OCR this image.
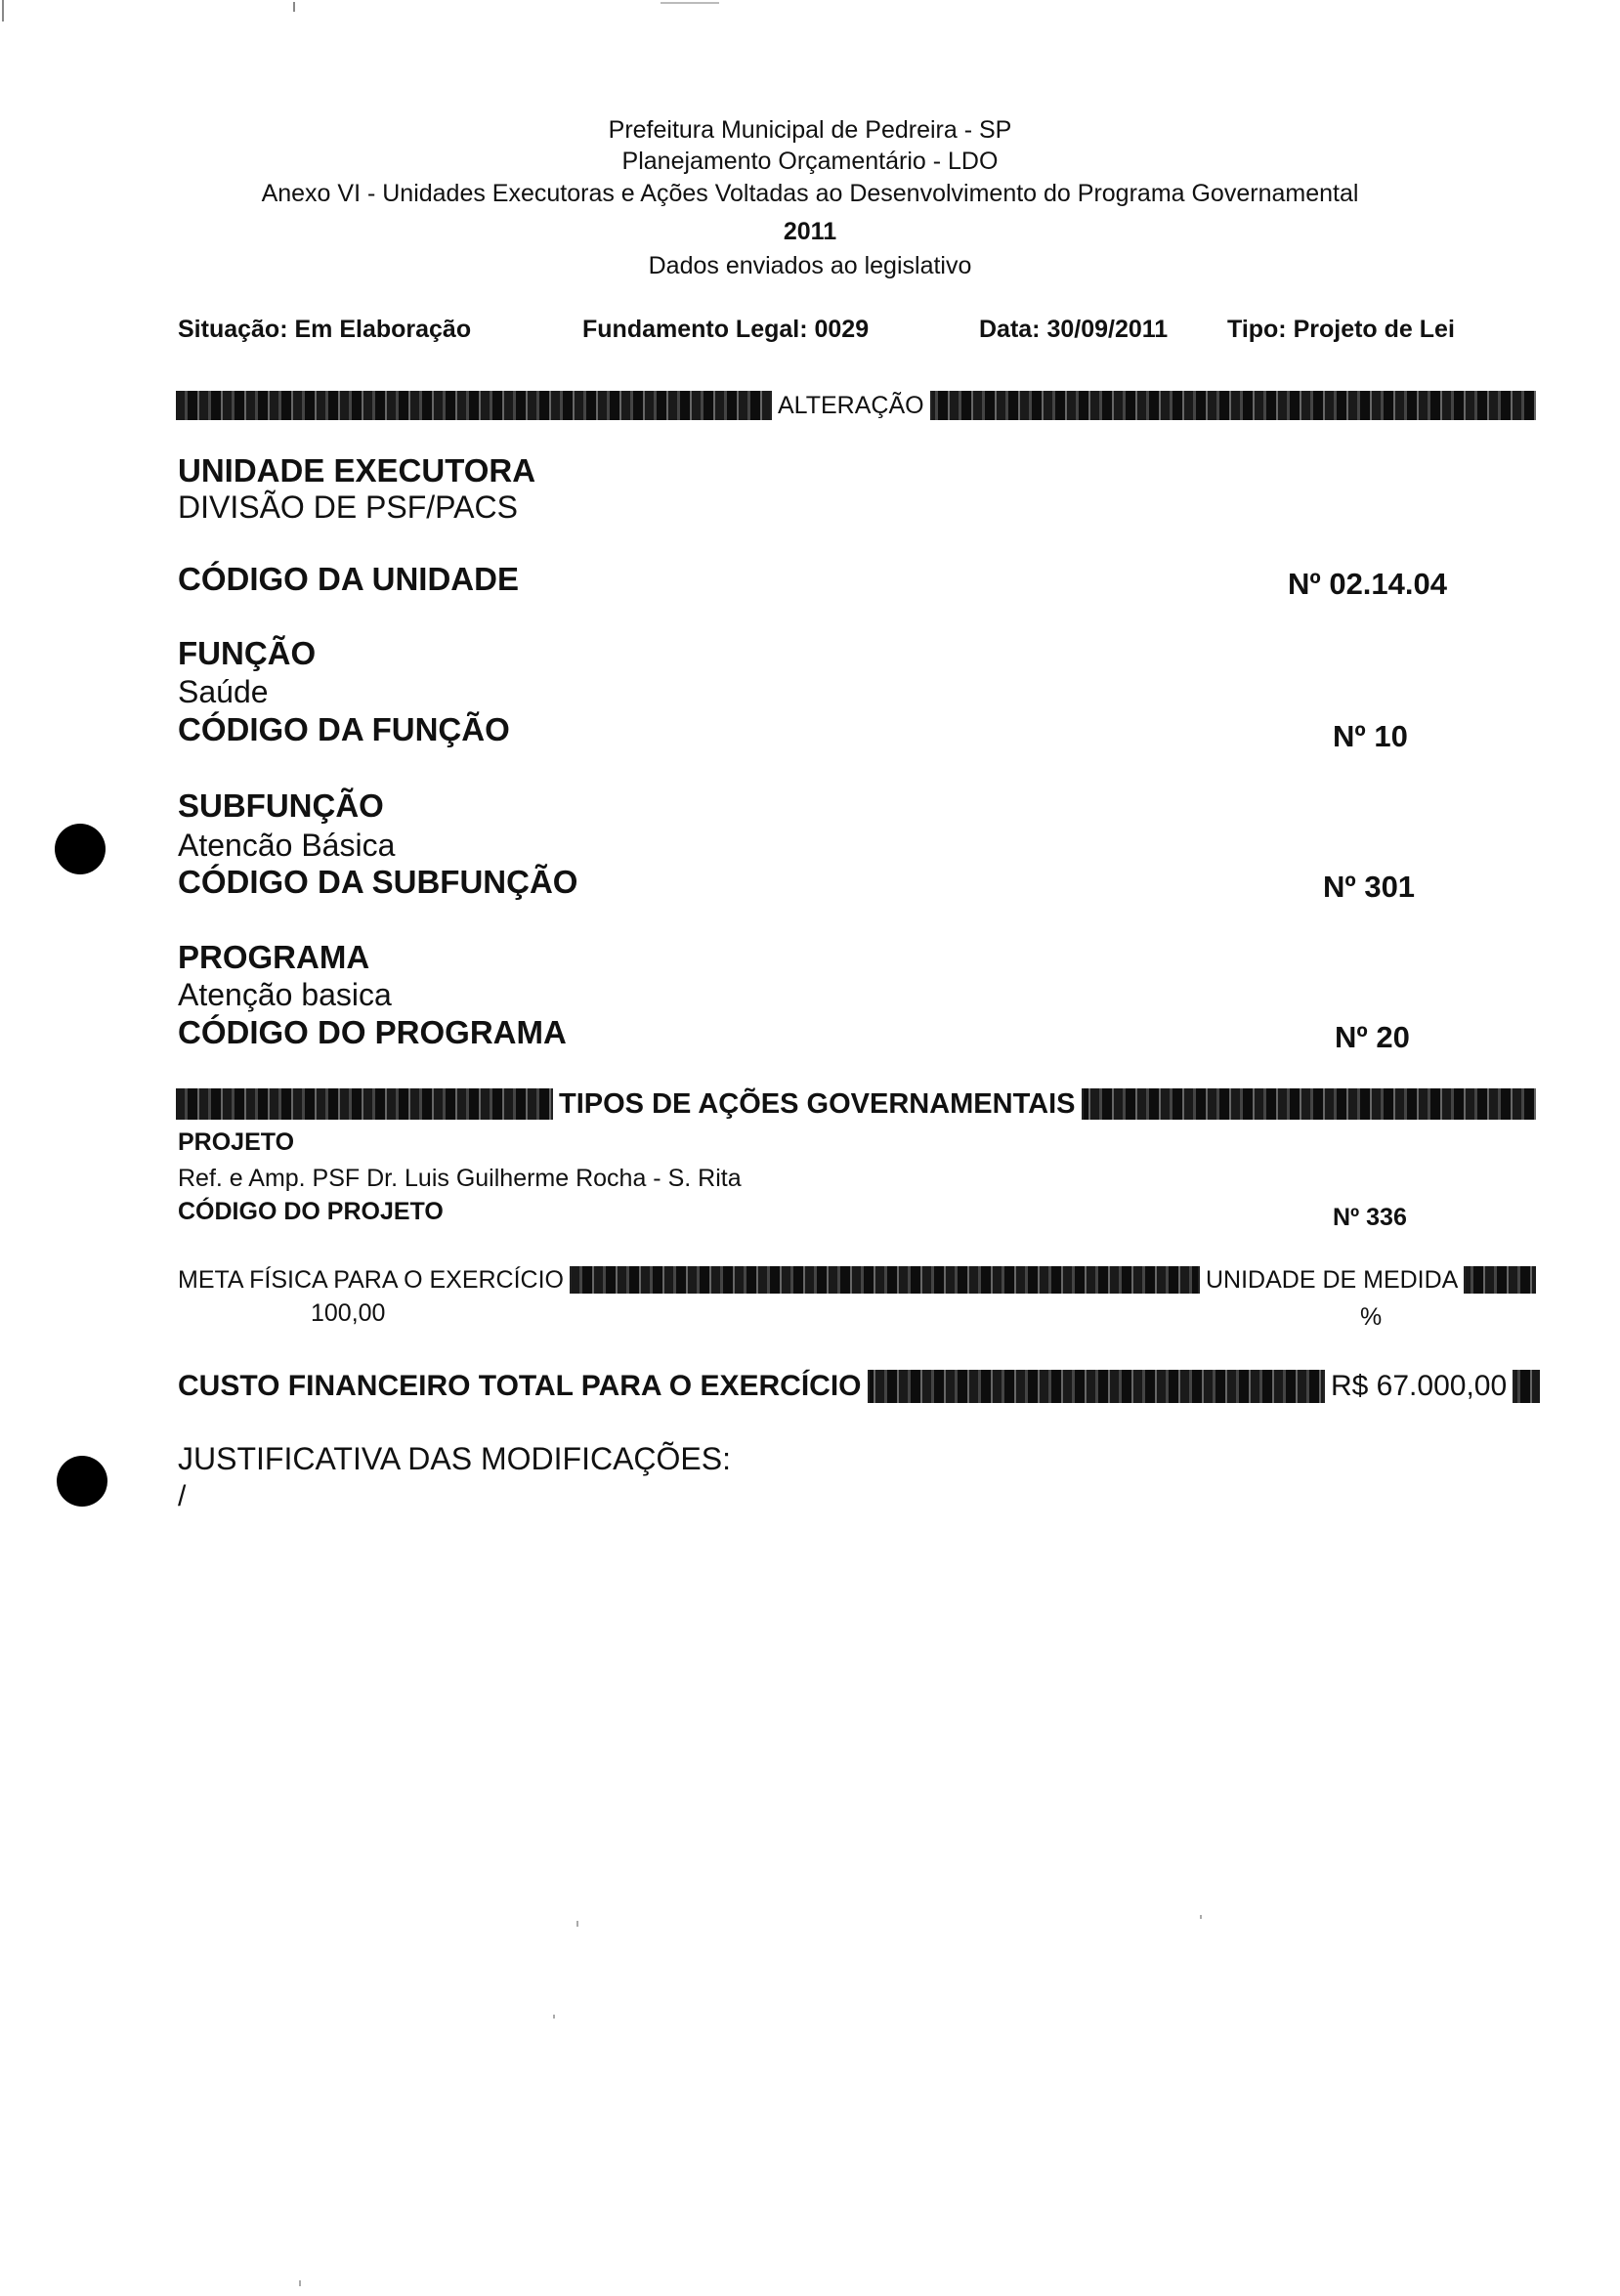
Prefeitura Municipal de Pedreira - SP
Planejamento Orçamentário - LDO
Anexo VI - Unidades Executoras e Ações Voltadas ao Desenvolvimento do Programa Governamental
2011
Dados enviados ao legislativo
Situação: Em Elaboração	Fundamento Legal: 0029	Data: 30/09/2011 Tipo: Projeto de Lei
ALTERAÇÃO
UNIDADE EXECUTORA
DIVISÃO DE PSF/PACS
CÓDIGO DA UNIDADE	Nº 02.14.04
FUNÇÃO
Saúde
CÓDIGO DA FUNÇÃO	Nº 10
SUBFUNÇÃO
Atencão Básica
CÓDIGO DA SUBFUNÇÃO	Nº 301
PROGRAMA
Atenção basica
CÓDIGO DO PROGRAMA	Nº 20
TIPOS DE AÇÕES GOVERNAMENTAIS
PROJETO
Ref. e Amp. PSF Dr. Luis Guilherme Rocha - S. Rita
CÓDIGO DO PROJETO	Nº 336
META FÍSICA PARA O EXERCÍCIO	UNIDADE DE MEDIDA
100,00	%
CUSTO FINANCEIRO TOTAL PARA O EXERCÍCIO	R$ 67.000,00
JUSTIFICATIVA DAS MODIFICAÇÕES:
/
